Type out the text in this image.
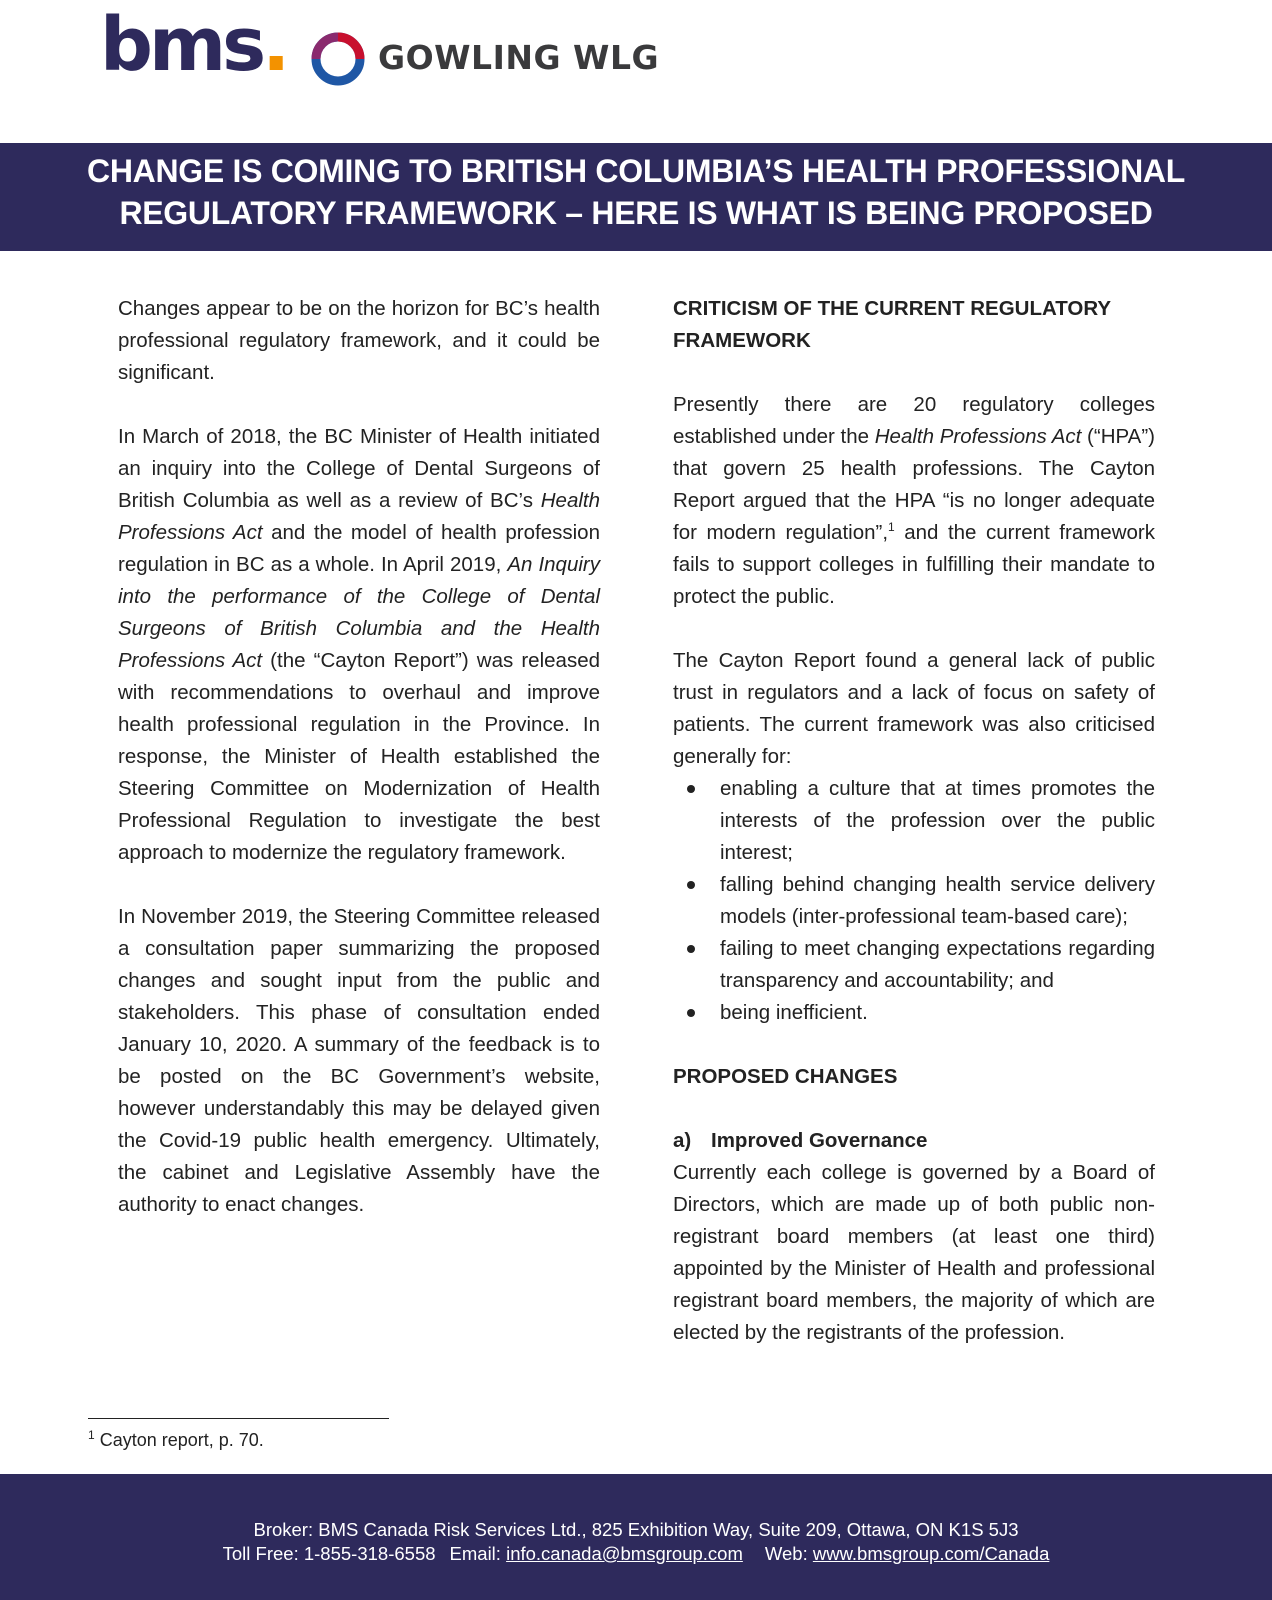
bms.	GOWLING WLG
CHANGE IS COMING TO BRITISH COLUMBIA’S HEALTH PROFESSIONAL
REGULATORY FRAMEWORK – HERE IS WHAT IS BEING PROPOSED

Changes appear to be on the horizon for BC’s health professional regulatory framework, and it could be significant.

In March of 2018, the BC Minister of Health initiated an inquiry into the College of Dental Surgeons of British Columbia as well as a review of BC’s Health Professions Act and the model of health profession regulation in BC as a whole. In April 2019, An Inquiry into the performance of the College of Dental Surgeons of British Columbia and the Health Professions Act (the “Cayton Report”) was released with recommendations to overhaul and improve health professional regulation in the Province. In response, the Minister of Health established the Steering Committee on Modernization of Health Professional Regulation to investigate the best approach to modernize the regulatory framework.

In November 2019, the Steering Committee released a consultation paper summarizing the proposed changes and sought input from the public and stakeholders. This phase of consultation ended January 10, 2020. A summary of the feedback is to be posted on the BC Government’s website, however understandably this may be delayed given the Covid-19 public health emergency. Ultimately, the cabinet and Legislative Assembly have the authority to enact changes.

CRITICISM OF THE CURRENT REGULATORY FRAMEWORK

Presently there are 20 regulatory colleges established under the Health Professions Act (“HPA”) that govern 25 health professions. The Cayton Report argued that the HPA “is no longer adequate for modern regulation”,$^1$ and the current framework fails to support colleges in fulfilling their mandate to protect the public.

The Cayton Report found a general lack of public trust in regulators and a lack of focus on safety of patients. The current framework was also criticised generally for:

enabling a culture that at times promotes the interests of the profession over the public interest;
falling behind changing health service delivery models (inter-professional team-based care);
failing to meet changing expectations regarding transparency and accountability; and
being inefficient.
PROPOSED CHANGES
a) Improved Governance

Currently each college is governed by a Board of Directors, which are made up of both public non-registrant board members (at least one third) appointed by the Minister of Health and professional registrant board members, the majority of which are elected by the registrants of the profession.

$^1$ Cayton report, p. 70.
Broker: BMS Canada Risk Services Ltd., 825 Exhibition Way, Suite 209, Ottawa, ON K1S 5J3
Toll Free: 1-855-318-6558 Email: info.canada@bmsgroup.com Web: www.bmsgroup.com/Canada
